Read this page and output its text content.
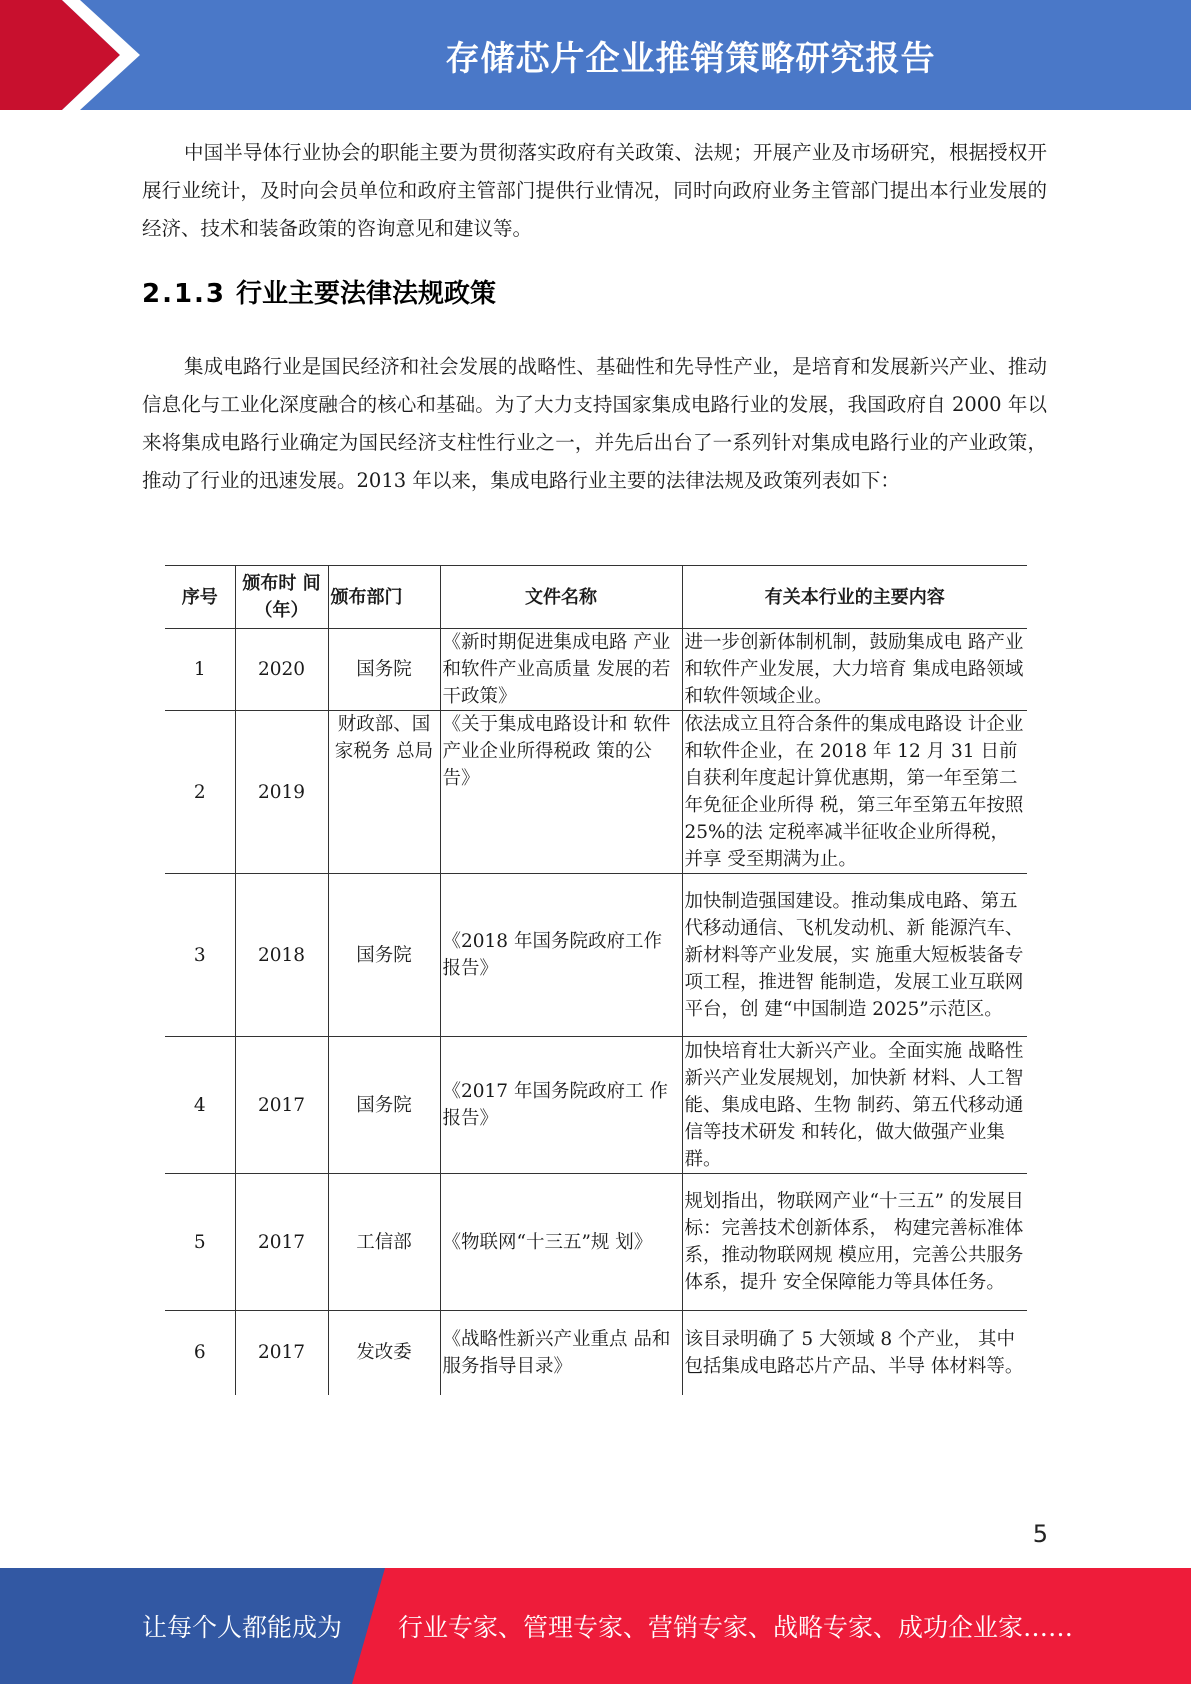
存储芯片企业推销策略研究报告

中国半导体行业协会的职能主要为贯彻落实政府有关政策、法规；开展产业及市场研究，根据授权开展行业统计，及时向会员单位和政府主管部门提供行业情况，同时向政府业务主管部门提出本行业发展的经济、技术和装备政策的咨询意见和建议等。

2.1.3 行业主要法律法规政策

集成电路行业是国民经济和社会发展的战略性、基础性和先导性产业，是培育和发展新兴产业、推动信息化与工业化深度融合的核心和基础。为了大力支持国家集成电路行业的发展，我国政府自 2000 年以来将集成电路行业确定为国民经济支柱性行业之一，并先后出台了一系列针对集成电路行业的产业政策，推动了行业的迅速发展。2013 年以来，集成电路行业主要的法律法规及政策列表如下：

序号	颁布时 间（年）	颁布部门	文件名称	有关本行业的主要内容
1	2020	国务院	《新时期促进集成电路 产业和软件产业高质量 发展的若干政策》	进一步创新体制机制，鼓励集成电 路产业和软件产业发展，大力培育 集成电路领域和软件领域企业。
2	2019	财政部、国家税务 总局	《关于集成电路设计和 软件产业企业所得税政 策的公告》	依法成立且符合条件的集成电路设 计企业和软件企业，在 2018 年 12 月 31 日前自获利年度起计算优惠期，第一年至第二年免征企业所得 税，第三年至第五年按照 25%的法 定税率减半征收企业所得税，并享 受至期满为止。
3	2018	国务院	《2018 年国务院政府工作报告》	加快制造强国建设。推动集成电路、第五代移动通信、飞机发动机、新 能源汽车、新材料等产业发展，实 施重大短板装备专项工程，推进智 能制造，发展工业互联网平台，创 建“中国制造 2025”示范区。
4	2017	国务院	《2017 年国务院政府工 作报告》	加快培育壮大新兴产业。全面实施 战略性新兴产业发展规划，加快新 材料、人工智能、集成电路、生物 制药、第五代移动通信等技术研发 和转化，做大做强产业集群。
5	2017	工信部	《物联网“十三五”规 划》	规划指出，物联网产业“十三五” 的发展目标：完善技术创新体系， 构建完善标准体系，推动物联网规 模应用，完善公共服务体系，提升 安全保障能力等具体任务。
6	2017	发改委	《战略性新兴产业重点 品和服务指导目录》	该目录明确了 5 大领域 8 个产业， 其中包括集成电路芯片产品、半导 体材料等。
5
让每个人都能成为 行业专家、管理专家、营销专家、战略专家、成功企业家……
